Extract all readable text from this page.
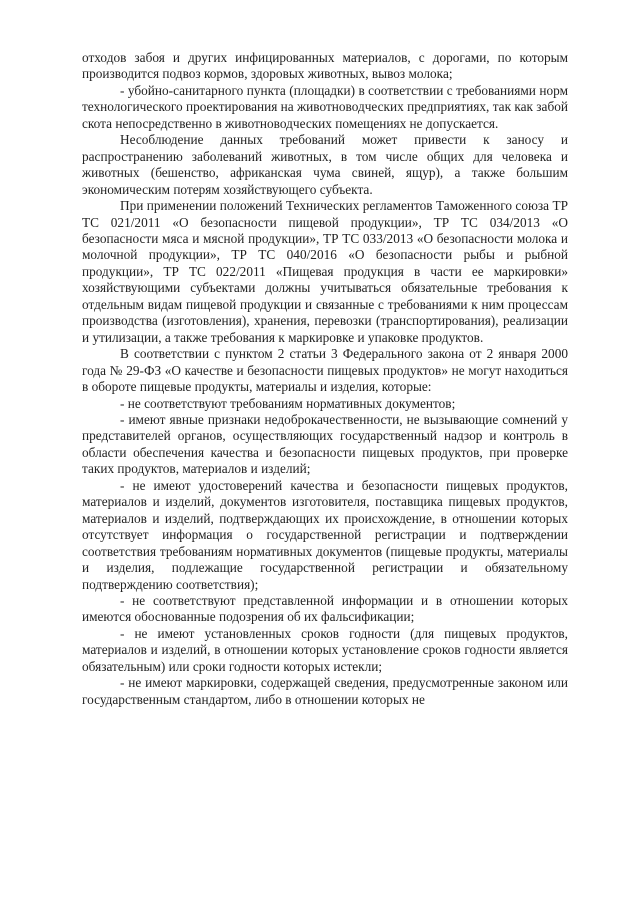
отходов забоя и других инфицированных материалов, с дорогами, по которым производится подвоз кормов, здоровых животных, вывоз молока;

- убойно-санитарного пункта (площадки) в соответствии с требованиями норм технологического проектирования на животноводческих предприятиях, так как забой скота непосредственно в животноводческих помещениях не допускается.

Несоблюдение данных требований может привести к заносу и распространению заболеваний животных, в том числе общих для человека и животных (бешенство, африканская чума свиней, ящур), а также большим экономическим потерям хозяйствующего субъекта.

При применении положений Технических регламентов Таможенного союза ТР ТС 021/2011 «О безопасности пищевой продукции», ТР ТС 034/2013 «О безопасности мяса и мясной продукции», ТР ТС 033/2013 «О безопасности молока и молочной продукции», ТР ТС 040/2016 «О безопасности рыбы и рыбной продукции», ТР ТС 022/2011 «Пищевая продукция в части ее маркировки» хозяйствующими субъектами должны учитываться обязательные требования к отдельным видам пищевой продукции и связанные с требованиями к ним процессам производства (изготовления), хранения, перевозки (транспортирования), реализации и утилизации, а также требования к маркировке и упаковке продуктов.

В соответствии с пунктом 2 статьи 3 Федерального закона от 2 января 2000 года № 29-ФЗ «О качестве и безопасности пищевых продуктов» не могут находиться в обороте пищевые продукты, материалы и изделия, которые:

- не соответствуют требованиям нормативных документов;

- имеют явные признаки недоброкачественности, не вызывающие сомнений у представителей органов, осуществляющих государственный надзор и контроль в области обеспечения качества и безопасности пищевых продуктов, при проверке таких продуктов, материалов и изделий;

- не имеют удостоверений качества и безопасности пищевых продуктов, материалов и изделий, документов изготовителя, поставщика пищевых продуктов, материалов и изделий, подтверждающих их происхождение, в отношении которых отсутствует информация о государственной регистрации и подтверждении соответствия требованиям нормативных документов (пищевые продукты, материалы и изделия, подлежащие государственной регистрации и обязательному подтверждению соответствия);

- не соответствуют представленной информации и в отношении которых имеются обоснованные подозрения об их фальсификации;

- не имеют установленных сроков годности (для пищевых продуктов, материалов и изделий, в отношении которых установление сроков годности является обязательным) или сроки годности которых истекли;

- не имеют маркировки, содержащей сведения, предусмотренные законом или государственным стандартом, либо в отношении которых не
